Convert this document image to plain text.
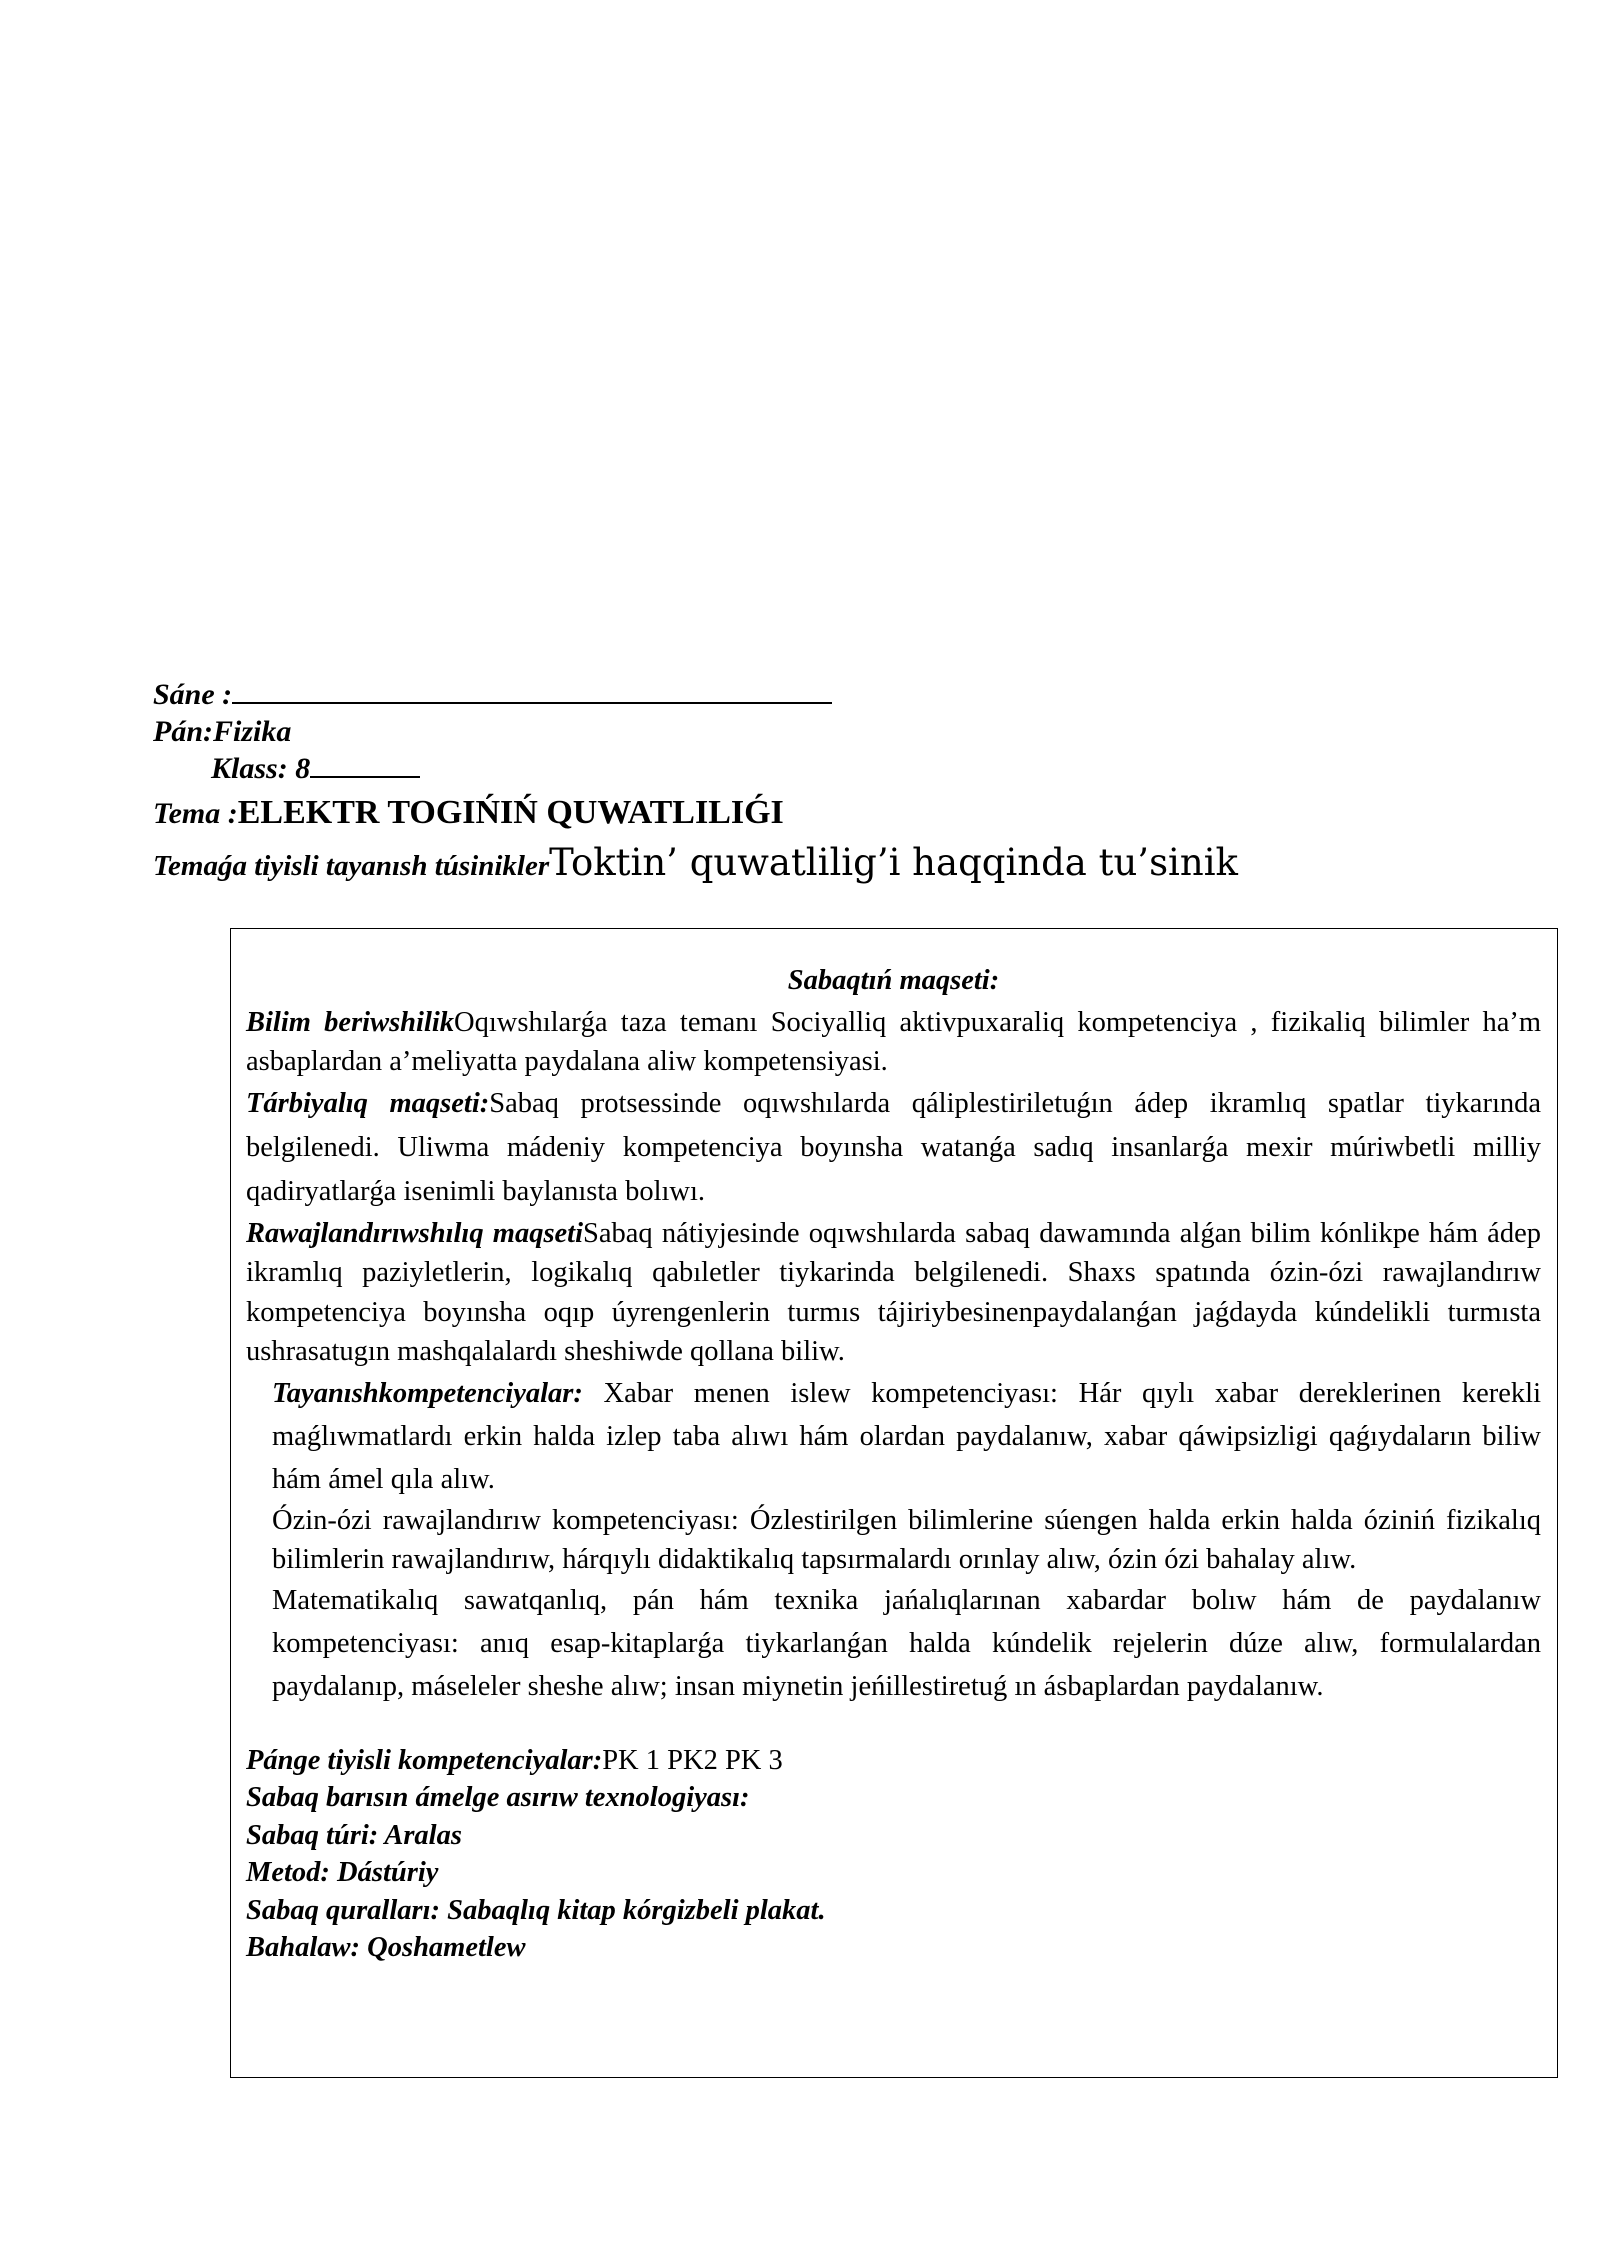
Sáne :
Pán:Fizika
Klass: 8
Tema :ELEKTR TOGIŃIŃ QUWATLILIǴI
Temaǵa tiyisli tayanısh túsiniklerToktin’ quwatlilig’i haqqinda tu’sinik
Sabaqtıń maqseti:
Bilim beriwshilikOqıwshılarǵa taza temanı Sociyalliq aktivpuxaraliq kompetenciya , fizikaliq bilimler ha’m asbaplardan a’meliyatta paydalana aliw kompetensiyasi.
Tárbiyalıq maqseti:Sabaq protsessinde oqıwshılarda qáliplestiriletuǵın ádep ikramlıq spatlar tiykarında belgilenedi. Uliwma mádeniy kompetenciya boyınsha watanǵa sadıq insanlarǵa mexir múriwbetli milliy qadiryatlarǵa isenimli baylanısta bolıwı.
Rawajlandırıwshılıq maqsetiSabaq nátiyjesinde oqıwshılarda sabaq dawamında alǵan bilim kónlikpe hám ádep ikramlıq paziyletlerin, logikalıq qabıletler tiykarinda belgilenedi. Shaxs spatında ózin-ózi rawajlandırıw kompetenciya boyınsha oqıp úyrengenlerin turmıs tájiriybesinenpaydalanǵan jaǵdayda kúndelikli turmısta ushrasatugın mashqalalardı sheshiwde qollana biliw.
Tayanıshkompetenciyalar: Xabar menen islew kompetenciyası: Hár qıylı xabar dereklerinen kerekli maǵlıwmatlardı erkin halda izlep taba alıwı hám olardan paydalanıw, xabar qáwipsizligi qaǵıydaların biliw hám ámel qıla alıw.
Ózin-ózi rawajlandırıw kompetenciyası: Ózlestirilgen bilimlerine súengen halda erkin halda óziniń fizikalıq bilimlerin rawajlandırıw, hárqıylı didaktikalıq tapsırmalardı orınlay alıw, ózin ózi bahalay alıw.
Matematikalıq sawatqanlıq, pán hám texnika jańalıqlarınan xabardar bolıw hám de paydalanıw kompetenciyası: anıq esap-kitaplarǵa tiykarlanǵan halda kúndelik rejelerin dúze alıw, formulalardan paydalanıp, máseleler sheshe alıw; insan miynetin jeńillestiretuǵ ın ásbaplardan paydalanıw.
Pánge tiyisli kompetenciyalar:PK 1 PK2 PK 3
Sabaq barısın ámelge asırıw texnologiyası:
Sabaq túri: Aralas
Metod: Dástúriy
Sabaq quralları: Sabaqlıq kitap kórgizbeli plakat.
Bahalaw: Qoshametlew
